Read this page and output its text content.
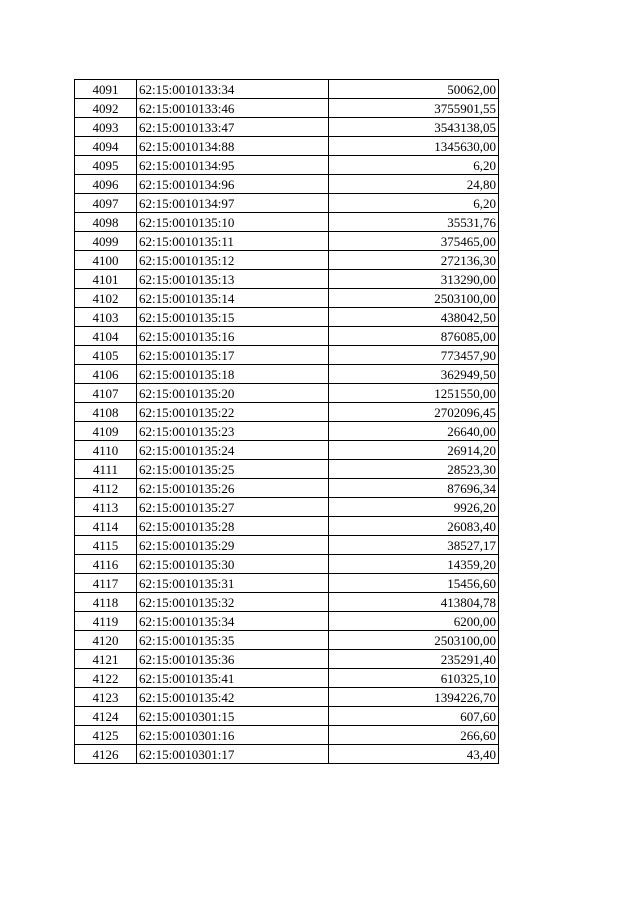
4091	62:15:0010133:34	50062,00
4092	62:15:0010133:46	3755901,55
4093	62:15:0010133:47	3543138,05
4094	62:15:0010134:88	1345630,00
4095	62:15:0010134:95	6,20
4096	62:15:0010134:96	24,80
4097	62:15:0010134:97	6,20
4098	62:15:0010135:10	35531,76
4099	62:15:0010135:11	375465,00
4100	62:15:0010135:12	272136,30
4101	62:15:0010135:13	313290,00
4102	62:15:0010135:14	2503100,00
4103	62:15:0010135:15	438042,50
4104	62:15:0010135:16	876085,00
4105	62:15:0010135:17	773457,90
4106	62:15:0010135:18	362949,50
4107	62:15:0010135:20	1251550,00
4108	62:15:0010135:22	2702096,45
4109	62:15:0010135:23	26640,00
4110	62:15:0010135:24	26914,20
4111	62:15:0010135:25	28523,30
4112	62:15:0010135:26	87696,34
4113	62:15:0010135:27	9926,20
4114	62:15:0010135:28	26083,40
4115	62:15:0010135:29	38527,17
4116	62:15:0010135:30	14359,20
4117	62:15:0010135:31	15456,60
4118	62:15:0010135:32	413804,78
4119	62:15:0010135:34	6200,00
4120	62:15:0010135:35	2503100,00
4121	62:15:0010135:36	235291,40
4122	62:15:0010135:41	610325,10
4123	62:15:0010135:42	1394226,70
4124	62:15:0010301:15	607,60
4125	62:15:0010301:16	266,60
4126	62:15:0010301:17	43,40
